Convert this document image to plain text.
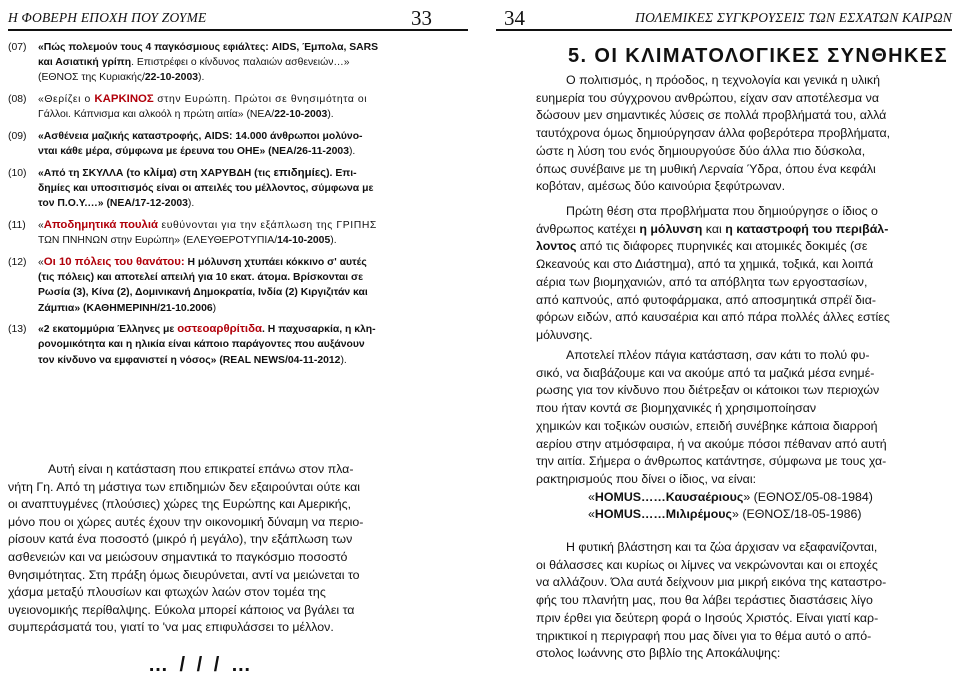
Η ΦΟΒΕΡΗ ΕΠΟΧΗ ΠΟΥ ΖΟΥΜΕ	33
(07) «Πώς πολεμούν τους 4 παγκόσμιους εφιάλτες: AIDS, Έμπολα, SARS
και Ασιατική γρίπη. Επιστρέφει ο κίνδυνος παλαιών ασθενειών…»
(ΕΘΝΟΣ της Κυριακής/22-10-2003).
(08) «Θερίζει ο ΚΑΡΚΙΝΟΣ στην Ευρώπη. Πρώτοι σε θνησιμότητα οι
Γάλλοι. Κάπνισμα και αλκοόλ η πρώτη αιτία» (ΝΕΑ/22-10-2003).
(09) «Ασθένεια μαζικής καταστροφής, AIDS: 14.000 άνθρωποι μολύνο-
νται κάθε μέρα, σύμφωνα με έρευνα του ΟΗΕ» (ΝΕΑ/26-11-2003).
(10) «Από τη ΣΚΥΛΛΑ (το κλίμα) στη ΧΑΡΥΒΔΗ (τις επιδημίες). Επι-
δημίες και υποσιτισμός είναι οι απειλές του μέλλοντος, σύμφωνα με
τον Π.Ο.Υ.…» (ΝΕΑ/17-12-2003).
(11) «Αποδημητικά πουλιά ευθύνονται για την εξάπλωση της ΓΡΙΠΗΣ
ΤΩΝ ΠΝΗΝΩΝ στην Ευρώπη» (ΕΛΕΥΘΕΡΟΤΥΠΙΑ/14-10-2005).
(12) «Οι 10 πόλεις του θανάτου: Η μόλυνση χτυπάει κόκκινο σ' αυτές
(τις πόλεις) και αποτελεί απειλή για 10 εκατ. άτομα. Βρίσκονται σε
Ρωσία (3), Κίνα (2), Δομινικανή Δημοκρατία, Ινδία (2) Κιργιζιτάν και
Ζάμπια» (ΚΑΘΗΜΕΡΙΝΗ/21-10.2006)
(13) «2 εκατομμύρια Έλληνες με οστεοαρθρίτιδα. Η παχυσαρκία, η κλη-
ρονομικότητα και η ηλικία είναι κάποιο παράγοντες που αυξάνουν
τον κίνδυνο να εμφανιστεί η νόσος» (REAL NEWS/04-11-2012).
Αυτή είναι η κατάσταση που επικρατεί επάνω στον πλα-
νήτη Γη. Από τη μάστιγα των επιδημιών δεν εξαιρούνται ούτε και
οι αναπτυγμένες (πλούσιες) χώρες της Ευρώπης και Αμερικής,
μόνο που οι χώρες αυτές έχουν την οικονομική δύναμη να περιο-
ρίσουν κατά ένα ποσοστό (μικρό ή μεγάλο), την εξάπλωση των
ασθενειών και να μειώσουν σημαντικά το παγκόσμιο ποσοστό
θνησιμότητας. Στη πράξη όμως διευρύνεται, αντί να μειώνεται το
χάσμα μεταξύ πλουσίων και φτωχών λαών στον τομέα της
υγειονομικής περίθαλψης. Εύκολα μπορεί κάποιος να βγάλει τα
συμπεράσματά του, γιατί το 'να μας επιφυλάσσει το μέλλον.
34	ΠΟΛΕΜΙΚΕΣ ΣΥΓΚΡΟΥΣΕΙΣ ΤΩΝ ΕΣΧΑΤΩΝ ΚΑΙΡΩΝ
5. ΟΙ ΚΛΙΜΑΤΟΛΟΓΙΚΕΣ ΣΥΝΘΗΚΕΣ
Ο πολιτισμός, η πρόοδος, η τεχνολογία και γενικά η υλική
ευημερία του σύγχρονου ανθρώπου, είχαν σαν αποτέλεσμα να
δώσουν μεν σημαντικές λύσεις σε πολλά προβλήματά του, αλλά
ταυτόχρονα όμως δημιούργησαν άλλα φοβερότερα προβλήματα,
ώστε η λύση του ενός δημιουργούσε δύο άλλα πιο δύσκολα,
όπως συνέβαινε με τη μυθική Λερναία Ύδρα, όπου ένα κεφάλι
κοβόταν, αμέσως δύο καινούρια ξεφύτρωναν.
Πρώτη θέση στα προβλήματα που δημιούργησε ο ίδιος ο
άνθρωπος κατέχει η μόλυνση και η καταστροφή του περιβάλ-
λοντος από τις διάφορες πυρηνικές και ατομικές δοκιμές (σε
Ωκεανούς και στο Διάστημα), από τα χημικά, τοξικά, και λοιπά
αέρια των βιομηχανιών, από τα απόβλητα των εργοστασίων,
από καπνούς, από φυτοφάρμακα, από αποσμητικά σπρέϊ δια-
φόρων ειδών, από καυσαέρια και από πάρα πολλές άλλες εστίες
μόλυνσης.
Αποτελεί πλέον πάγια κατάσταση, σαν κάτι το πολύ φυ-
σικό, να διαβάζουμε και να ακούμε από τα μαζικά μέσα ενημέ-
ρωσης για τον κίνδυνο που διέτρεξαν οι κάτοικοι των περιοχών
που ήταν κοντά σε βιομηχανικές ή χρησιμοποίησαν
χημικών και τοξικών ουσιών, επειδή συνέβηκε κάποια διαρροή
αερίου στην ατμόσφαιρα, ή να ακούμε πόσοι πέθαναν από αυτή
την αιτία. Σήμερα ο άνθρωπος κατάντησε, σύμφωνα με τους χα-
ρακτηρισμούς που δίνει ο ίδιος, να είναι:
«HOMUS……Καυσαέριους» (ΕΘΝΟΣ/05-08-1984)
«HOMUS……Μιλιρέμους» (ΕΘΝΟΣ/18-05-1986)
Η φυτική βλάστηση και τα ζώα άρχισαν να εξαφανίζονται,
οι θάλασσες και κυρίως οι λίμνες να νεκρώνονται και οι εποχές
να αλλάζουν. Όλα αυτά δείχνουν μια μικρή εικόνα της καταστρο-
φής του πλανήτη μας, που θα λάβει τεράστιες διαστάσεις λίγο
πριν έρθει για δεύτερη φορά ο Ιησούς Χριστός. Είναι γιατί καρ-
τηρικτικοί η περιγραφή που μας δίνει για το θέμα αυτό ο από-
στολος Ιωάννης στο βιβλίο της Αποκάλυψης:
… / / / …
